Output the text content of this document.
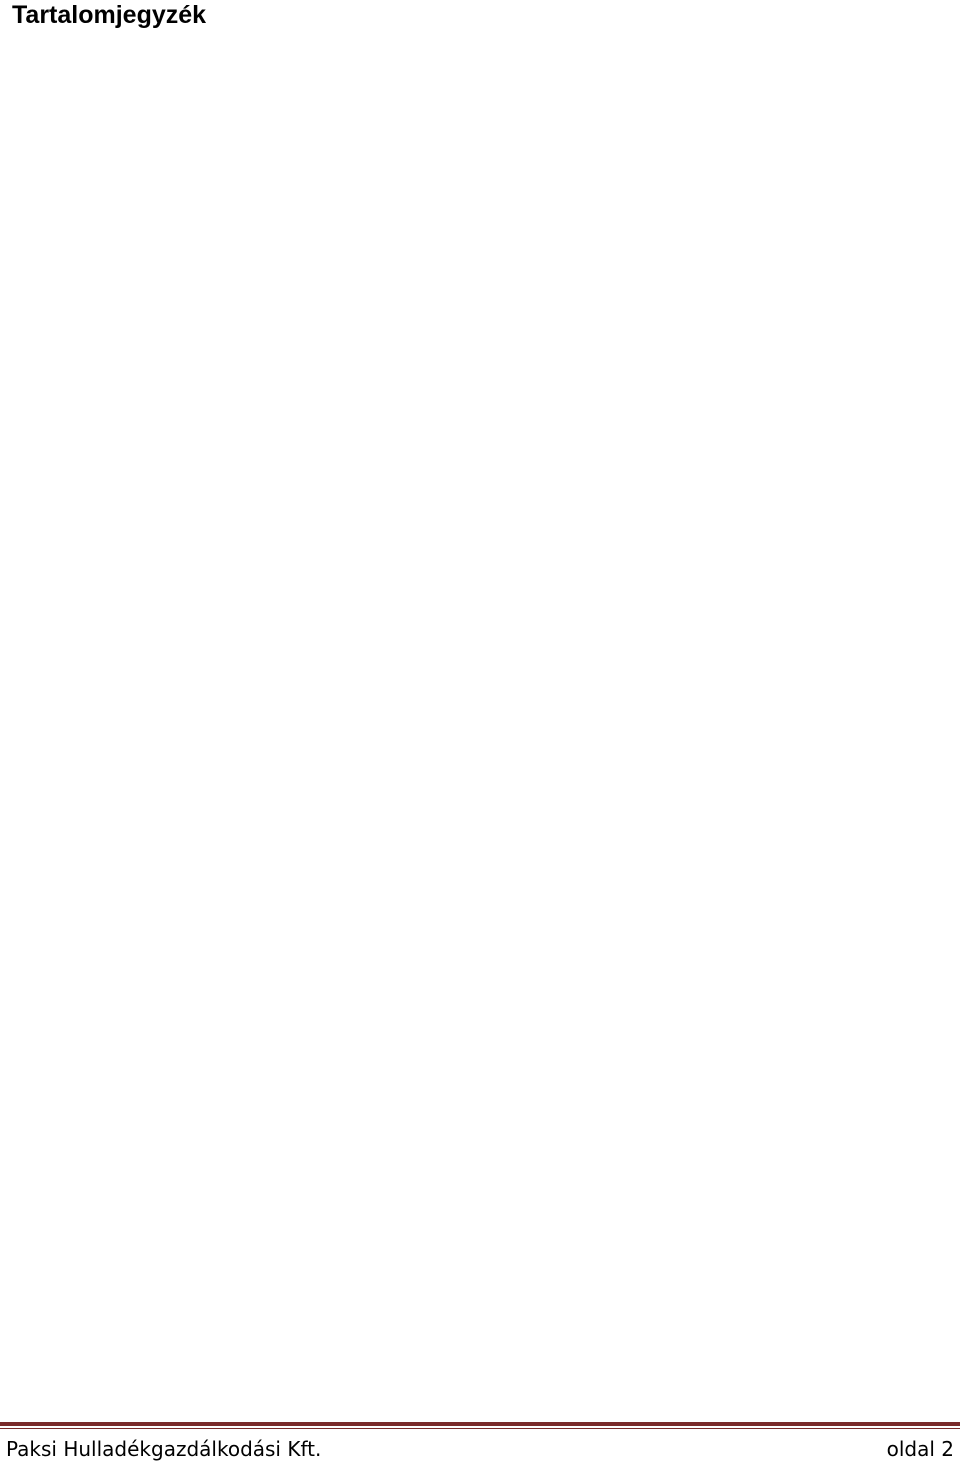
Tartalomjegyzék
Paksi Hulladékgazdálkodási Kft.	oldal 2
